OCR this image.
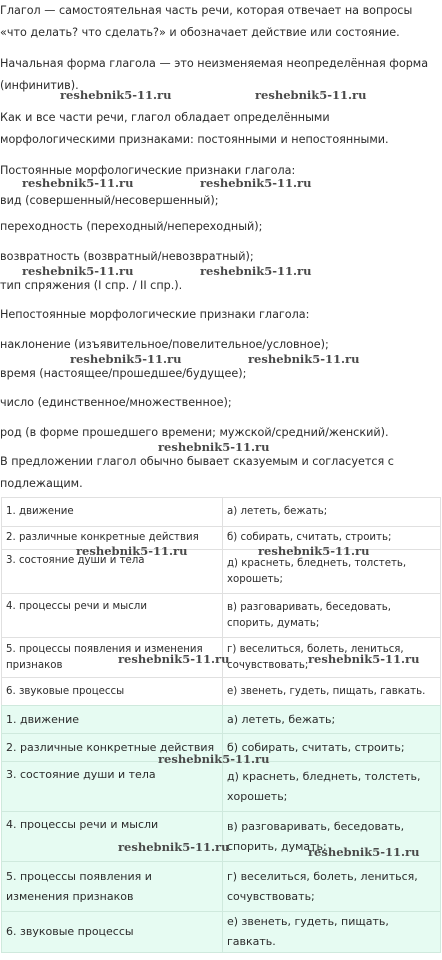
Глагол — самостоятельная часть речи, которая отвечает на вопросы «что делать? что сделать?» и обозначает действие или состояние.

Начальная форма глагола — это неизменяемая неопределённая форма (инфинитив).

Как и все части речи, глагол обладает определёнными морфологическими признаками: постоянными и непостоянными.

Постоянные морфологические признаки глагола:

вид (совершенный/несовершенный);

переходность (переходный/непереходный);

возвратность (возвратный/невозвратный);

тип спряжения (I спр. / II спр.).

Непостоянные морфологические признаки глагола:

наклонение (изъявительное/повелительное/условное);

время (настоящее/прошедшее/будущее);

число (единственное/множественное);

род (в форме прошедшего времени; мужской/средний/женский).

В предложении глагол обычно бывает сказуемым и согласуется с подлежащим.

1. движение	а) лететь, бежать;
2. различные конкретные действия	б) собирать, считать, строить;
3. состояние души и тела	д) краснеть, бледнеть, толстеть, хорошеть;
4. процессы речи и мысли	в) разговаривать, беседовать, спорить, думать;
5. процессы появления и изменения признаков	г) веселиться, болеть, лениться, сочувствовать;
6. звуковые процессы	е) звенеть, гудеть, пищать, гавкать.
1. движение	а) лететь, бежать;
2. различные конкретные действия	б) собирать, считать, строить;
3. состояние души и тела	д) краснеть, бледнеть, толстеть, хорошеть;
4. процессы речи и мысли	в) разговаривать, беседовать, спорить, думать;
5. процессы появления и изменения признаков	г) веселиться, болеть, лениться, сочувствовать;
6. звуковые процессы	е) звенеть, гудеть, пищать, гавкать.
reshebnik5-11.ru	reshebnik5-11.ru
reshebnik5-11.ru	reshebnik5-11.ru
reshebnik5-11.ru	reshebnik5-11.ru
reshebnik5-11.ru	reshebnik5-11.ru
reshebnik5-11.ru
reshebnik5-11.ru	reshebnik5-11.ru
reshebnik5-11.ru	reshebnik5-11.ru
reshebnik5-11.ru
reshebnik5-11.ru	reshebnik5-11.ru
